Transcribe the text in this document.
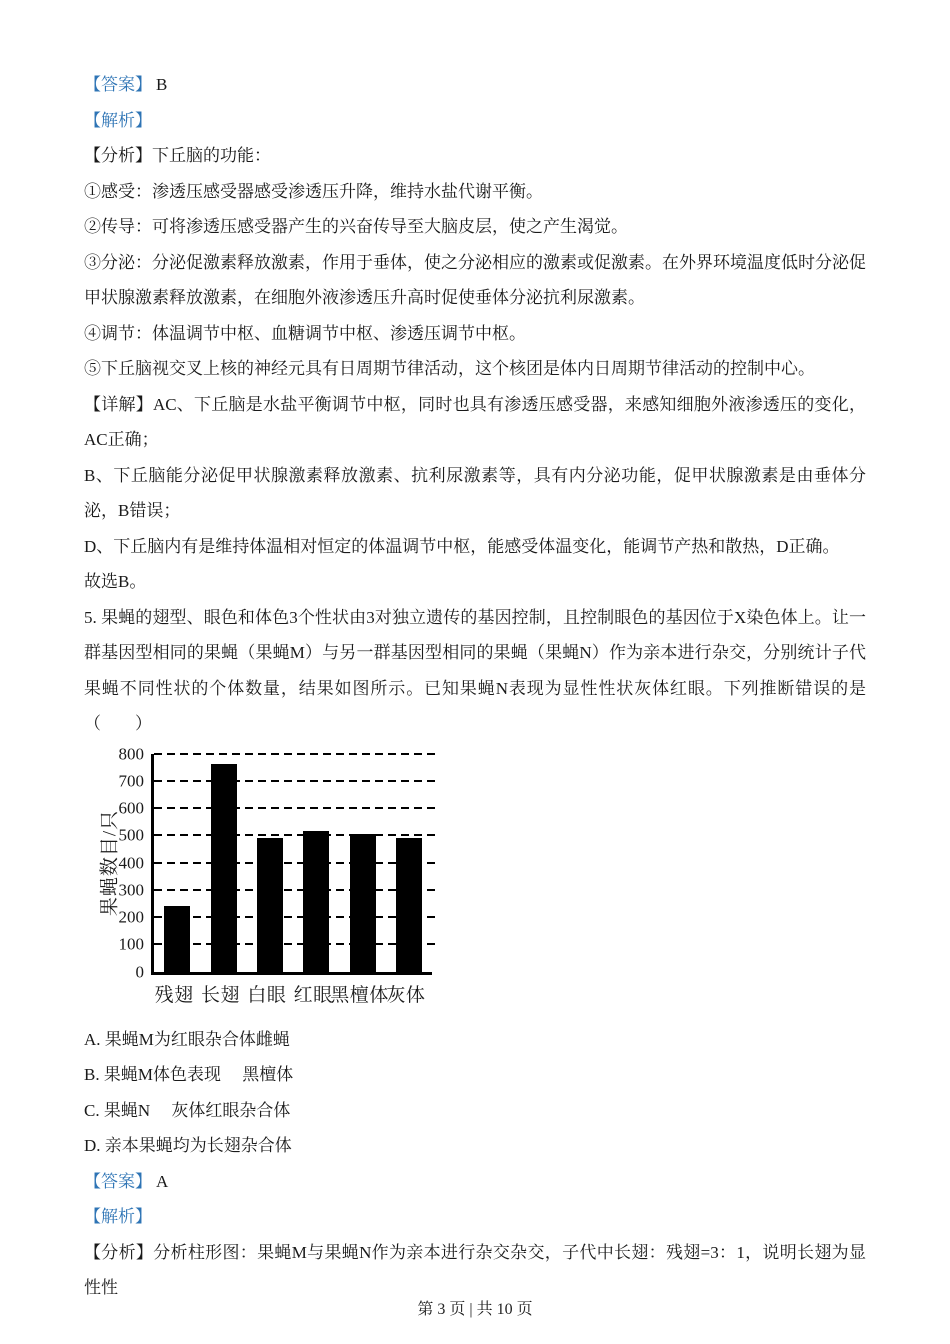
【答案】 B

【解析】

【分析】下丘脑的功能：

①感受：渗透压感受器感受渗透压升降，维持水盐代谢平衡。

②传导：可将渗透压感受器产生的兴奋传导至大脑皮层，使之产生渴觉。

③分泌：分泌促激素释放激素，作用于垂体，使之分泌相应的激素或促激素。在外界环境温度低时分泌促甲状腺激素释放激素，在细胞外液渗透压升高时促使垂体分泌抗利尿激素。

④调节：体温调节中枢、血糖调节中枢、渗透压调节中枢。

⑤下丘脑视交叉上核的神经元具有日周期节律活动，这个核团是体内日周期节律活动的控制中心。

【详解】AC、下丘脑是水盐平衡调节中枢，同时也具有渗透压感受器，来感知细胞外液渗透压的变化，AC正确；

B、下丘脑能分泌促甲状腺激素释放激素、抗利尿激素等，具有内分泌功能，促甲状腺激素是由垂体分泌，B错误；

D、下丘脑内有是维持体温相对恒定的体温调节中枢，能感受体温变化，能调节产热和散热，D正确。

故选B。

5. 果蝇的翅型、眼色和体色3个性状由3对独立遗传的基因控制，且控制眼色的基因位于X染色体上。让一群基因型相同的果蝇（果蝇M）与另一群基因型相同的果蝇（果蝇N）作为亲本进行杂交，分别统计子代果蝇不同性状的个体数量，结果如图所示。已知果蝇N表现为显性性状灰体红眼。下列推断错误的是（　　）

果蝇数目/只
0
100
200
300
400
500
600
700
800
残翅 长翅 白眼 红眼
黑檀体
灰体

A. 果蝇M为红眼杂合体雌蝇

B. 果蝇M体色表现　 黑檀体

C. 果蝇N　 灰体红眼杂合体

D. 亲本果蝇均为长翅杂合体

【答案】 A

【解析】

【分析】分析柱形图：果蝇M与果蝇N作为亲本进行杂交杂交，子代中长翅：残翅=3：1，说明长翅为显性性

第 3 页 | 共 10 页
